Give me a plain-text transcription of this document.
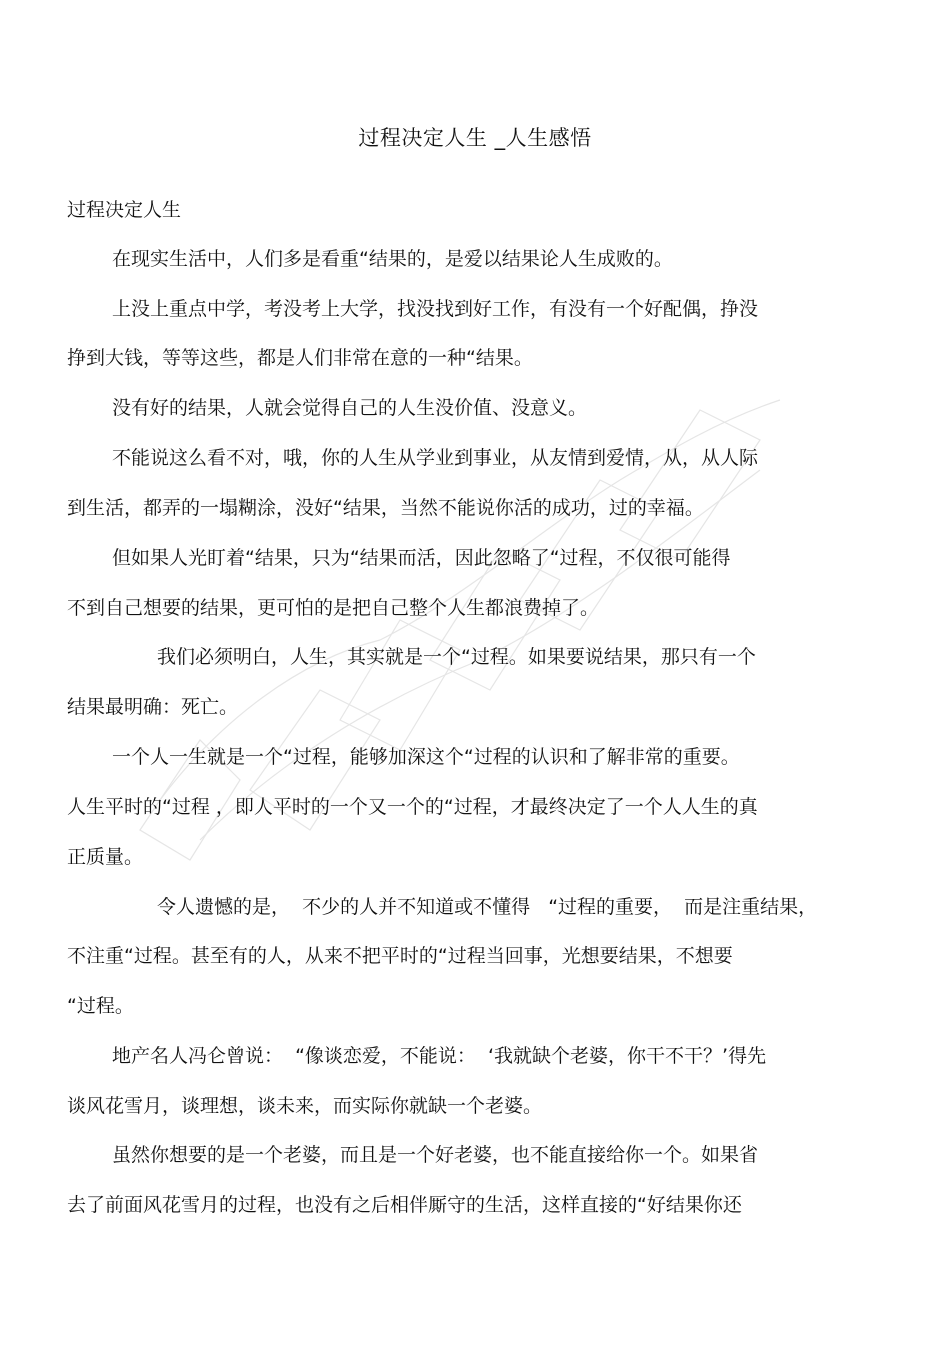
过程决定人生 _人生感悟

过程决定人生

在现实生活中，人们多是看重“结果的，是爱以结果论人生成败的。

上没上重点中学，考没考上大学，找没找到好工作，有没有一个好配偶，挣没

挣到大钱，等等这些，都是人们非常在意的一种“结果。

没有好的结果，人就会觉得自己的人生没价值、没意义。

不能说这么看不对，哦，你的人生从学业到事业，从友情到爱情，从，从人际

到生活，都弄的一塌糊涂，没好“结果，当然不能说你活的成功，过的幸福。

但如果人光盯着“结果，只为“结果而活，因此忽略了“过程，不仅很可能得

不到自己想要的结果，更可怕的是把自己整个人生都浪费掉了。

我们必须明白，人生，其实就是一个“过程。如果要说结果，那只有一个

结果最明确：死亡。

一个人一生就是一个“过程，能够加深这个“过程的认识和了解非常的重要。

人生平时的“过程 ，即人平时的一个又一个的“过程，才最终决定了一个人人生的真

正质量。

令人遗憾的是，  不少的人并不知道或不懂得   “过程的重要，  而是注重结果，

不注重“过程。甚至有的人，从来不把平时的“过程当回事，光想要结果，不想要

“过程。

地产名人冯仑曾说：  “像谈恋爱，不能说：  ‘我就缺个老婆，你干不干？’得先

谈风花雪月，谈理想，谈未来，而实际你就缺一个老婆。

虽然你想要的是一个老婆，而且是一个好老婆，也不能直接给你一个。如果省

去了前面风花雪月的过程，也没有之后相伴厮守的生活，这样直接的“好结果你还
